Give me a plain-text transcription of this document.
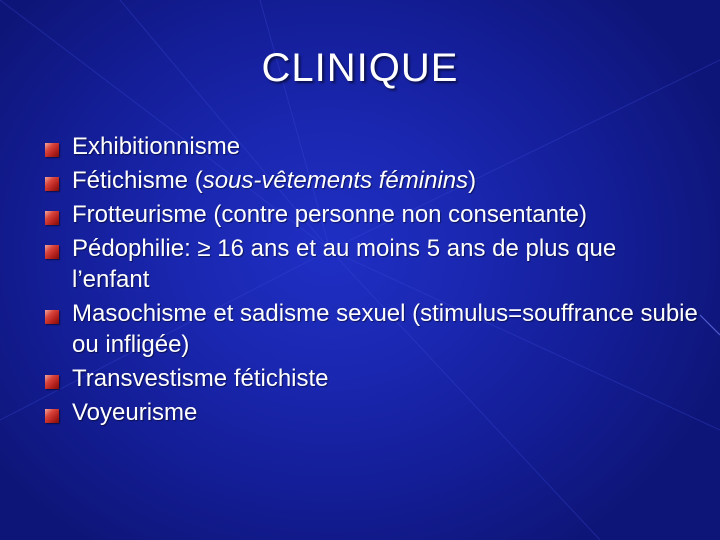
CLINIQUE
Exhibitionnisme
Fétichisme (sous-vêtements féminins)
Frotteurisme (contre personne non consentante)
Pédophilie: ≥ 16 ans et au moins 5 ans de plus que l’enfant
Masochisme et sadisme sexuel (stimulus=souffrance subie ou infligée)
Transvestisme fétichiste
Voyeurisme
